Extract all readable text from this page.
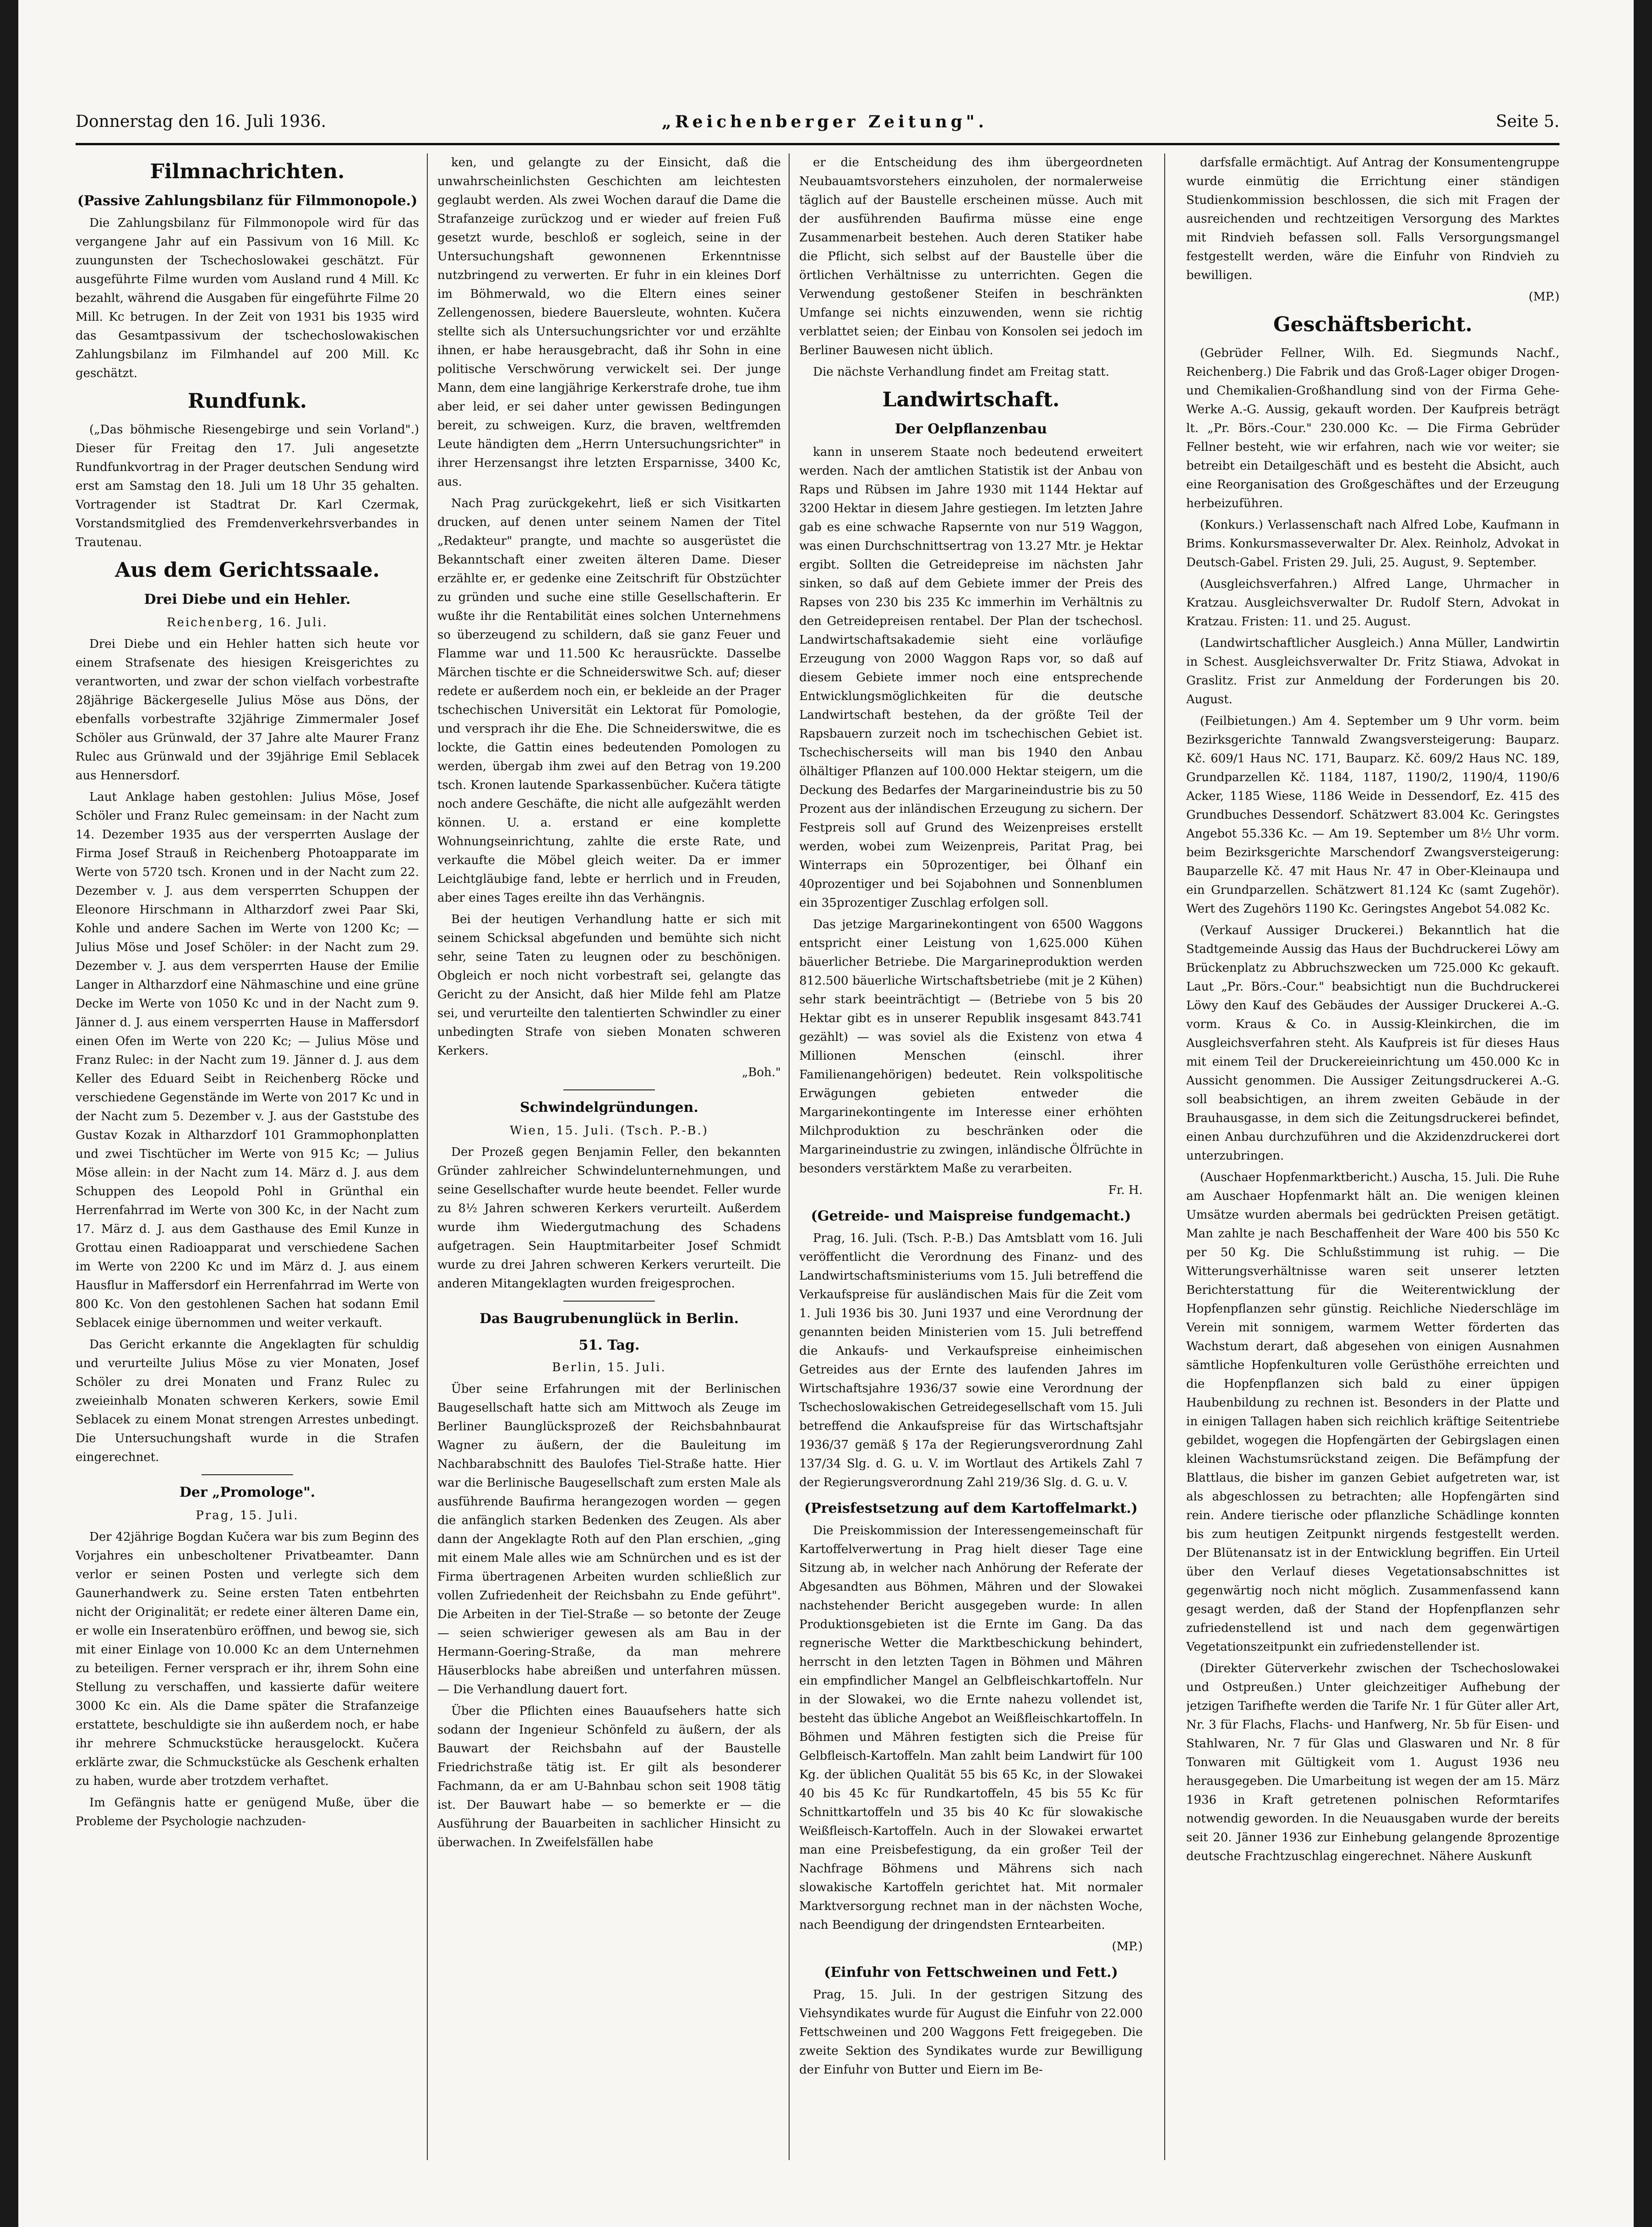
Donnerstag den 16. Juli 1936.	„Reichenberger Zeitung".	Seite 5.
Filmnachrichten.
(Passive Zahlungsbilanz für Filmmonopole.)

Die Zahlungsbilanz für Filmmonopole wird für das vergangene Jahr auf ein Passivum von 16 Mill. Kc zuungunsten der Tschechoslowakei geschätzt. Für ausgeführte Filme wurden vom Ausland rund 4 Mill. Kc bezahlt, während die Ausgaben für eingeführte Filme 20 Mill. Kc betrugen. In der Zeit von 1931 bis 1935 wird das Gesamtpassivum der tschechoslowakischen Zahlungsbilanz im Filmhandel auf 200 Mill. Kc geschätzt.

Rundfunk.

(„Das böhmische Riesengebirge und sein Vorland".) Dieser für Freitag den 17. Juli angesetzte Rundfunkvortrag in der Prager deutschen Sendung wird erst am Samstag den 18. Juli um 18 Uhr 35 gehalten. Vortragender ist Stadtrat Dr. Karl Czermak, Vorstandsmitglied des Fremdenverkehrsverbandes in Trautenau.

Aus dem Gerichtssaale.
Drei Diebe und ein Hehler.

Reichenberg, 16. Juli.

Drei Diebe und ein Hehler hatten sich heute vor einem Strafsenate des hiesigen Kreisgerichtes zu verantworten, und zwar der schon vielfach vorbestrafte 28jährige Bäckergeselle Julius Möse aus Döns, der ebenfalls vorbestrafte 32jährige Zimmermaler Josef Schöler aus Grünwald, der 37 Jahre alte Maurer Franz Rulec aus Grünwald und der 39jährige Emil Seblacek aus Hennersdorf.

Laut Anklage haben gestohlen: Julius Möse, Josef Schöler und Franz Rulec gemeinsam: in der Nacht zum 14. Dezember 1935 aus der versperrten Auslage der Firma Josef Strauß in Reichenberg Photoapparate im Werte von 5720 tsch. Kronen und in der Nacht zum 22. Dezember v. J. aus dem versperrten Schuppen der Eleonore Hirschmann in Altharzdorf zwei Paar Ski, Kohle und andere Sachen im Werte von 1200 Kc; — Julius Möse und Josef Schöler: in der Nacht zum 29. Dezember v. J. aus dem versperrten Hause der Emilie Langer in Altharzdorf eine Nähmaschine und eine grüne Decke im Werte von 1050 Kc und in der Nacht zum 9. Jänner d. J. aus einem versperrten Hause in Maffersdorf einen Ofen im Werte von 220 Kc; — Julius Möse und Franz Rulec: in der Nacht zum 19. Jänner d. J. aus dem Keller des Eduard Seibt in Reichenberg Röcke und verschiedene Gegenstände im Werte von 2017 Kc und in der Nacht zum 5. Dezember v. J. aus der Gaststube des Gustav Kozak in Altharzdorf 101 Grammophonplatten und zwei Tischtücher im Werte von 915 Kc; — Julius Möse allein: in der Nacht zum 14. März d. J. aus dem Schuppen des Leopold Pohl in Grünthal ein Herrenfahrrad im Werte von 300 Kc, in der Nacht zum 17. März d. J. aus dem Gasthause des Emil Kunze in Grottau einen Radioapparat und verschiedene Sachen im Werte von 2200 Kc und im März d. J. aus einem Hausflur in Maffersdorf ein Herrenfahrrad im Werte von 800 Kc. Von den gestohlenen Sachen hat sodann Emil Seblacek einige übernommen und weiter verkauft.

Das Gericht erkannte die Angeklagten für schuldig und verurteilte Julius Möse zu vier Monaten, Josef Schöler zu drei Monaten und Franz Rulec zu zweieinhalb Monaten schweren Kerkers, sowie Emil Seblacek zu einem Monat strengen Arrestes unbedingt. Die Untersuchungshaft wurde in die Strafen eingerechnet.

Der „Promologe".

Prag, 15. Juli.

Der 42jährige Bogdan Kučera war bis zum Beginn des Vorjahres ein unbescholtener Privatbeamter. Dann verlor er seinen Posten und verlegte sich dem Gaunerhandwerk zu. Seine ersten Taten entbehrten nicht der Originalität; er redete einer älteren Dame ein, er wolle ein Inseratenbüro eröffnen, und bewog sie, sich mit einer Einlage von 10.000 Kc an dem Unternehmen zu beteiligen. Ferner versprach er ihr, ihrem Sohn eine Stellung zu verschaffen, und kassierte dafür weitere 3000 Kc ein. Als die Dame später die Strafanzeige erstattete, beschuldigte sie ihn außerdem noch, er habe ihr mehrere Schmuckstücke herausgelockt. Kučera erklärte zwar, die Schmuckstücke als Geschenk erhalten zu haben, wurde aber trotzdem verhaftet.

Im Gefängnis hatte er genügend Muße, über die Probleme der Psychologie nachzuden-

ken, und gelangte zu der Einsicht, daß die unwahrscheinlichsten Geschichten am leichtesten geglaubt werden. Als zwei Wochen darauf die Dame die Strafanzeige zurückzog und er wieder auf freien Fuß gesetzt wurde, beschloß er sogleich, seine in der Untersuchungshaft gewonnenen Erkenntnisse nutzbringend zu verwerten. Er fuhr in ein kleines Dorf im Böhmerwald, wo die Eltern eines seiner Zellengenossen, biedere Bauersleute, wohnten. Kučera stellte sich als Untersuchungsrichter vor und erzählte ihnen, er habe herausgebracht, daß ihr Sohn in eine politische Verschwörung verwickelt sei. Der junge Mann, dem eine langjährige Kerkerstrafe drohe, tue ihm aber leid, er sei daher unter gewissen Bedingungen bereit, zu schweigen. Kurz, die braven, weltfremden Leute händigten dem „Herrn Untersuchungsrichter" in ihrer Herzensangst ihre letzten Ersparnisse, 3400 Kc, aus.

Nach Prag zurückgekehrt, ließ er sich Visitkarten drucken, auf denen unter seinem Namen der Titel „Redakteur" prangte, und machte so ausgerüstet die Bekanntschaft einer zweiten älteren Dame. Dieser erzählte er, er gedenke eine Zeitschrift für Obstzüchter zu gründen und suche eine stille Gesellschafterin. Er wußte ihr die Rentabilität eines solchen Unternehmens so überzeugend zu schildern, daß sie ganz Feuer und Flamme war und 11.500 Kc herausrückte. Dasselbe Märchen tischte er die Schneiderswitwe Sch. auf; dieser redete er außerdem noch ein, er bekleide an der Prager tschechischen Universität ein Lektorat für Pomologie, und versprach ihr die Ehe. Die Schneiderswitwe, die es lockte, die Gattin eines bedeutenden Pomologen zu werden, übergab ihm zwei auf den Betrag von 19.200 tsch. Kronen lautende Sparkassenbücher. Kučera tätigte noch andere Geschäfte, die nicht alle aufgezählt werden können. U. a. erstand er eine komplette Wohnungseinrichtung, zahlte die erste Rate, und verkaufte die Möbel gleich weiter. Da er immer Leichtgläubige fand, lebte er herrlich und in Freuden, aber eines Tages ereilte ihn das Verhängnis.

Bei der heutigen Verhandlung hatte er sich mit seinem Schicksal abgefunden und bemühte sich nicht sehr, seine Taten zu leugnen oder zu beschönigen. Obgleich er noch nicht vorbestraft sei, gelangte das Gericht zu der Ansicht, daß hier Milde fehl am Platze sei, und verurteilte den talentierten Schwindler zu einer unbedingten Strafe von sieben Monaten schweren Kerkers.

„Boh."

Schwindelgründungen.

Wien, 15. Juli. (Tsch. P.-B.)

Der Prozeß gegen Benjamin Feller, den bekannten Gründer zahlreicher Schwindelunternehmungen, und seine Gesellschafter wurde heute beendet. Feller wurde zu 8½ Jahren schweren Kerkers verurteilt. Außerdem wurde ihm Wiedergutmachung des Schadens aufgetragen. Sein Hauptmitarbeiter Josef Schmidt wurde zu drei Jahren schweren Kerkers verurteilt. Die anderen Mitangeklagten wurden freigesprochen.

Das Baugrubenunglück in Berlin.
51. Tag.

Berlin, 15. Juli.

Über seine Erfahrungen mit der Berlinischen Baugesellschaft hatte sich am Mittwoch als Zeuge im Berliner Baunglücksprozeß der Reichsbahnbaurat Wagner zu äußern, der die Bauleitung im Nachbarabschnitt des Baulofes Tiel-Straße hatte. Hier war die Berlinische Baugesellschaft zum ersten Male als ausführende Baufirma herangezogen worden — gegen die anfänglich starken Bedenken des Zeugen. Als aber dann der Angeklagte Roth auf den Plan erschien, „ging mit einem Male alles wie am Schnürchen und es ist der Firma übertragenen Arbeiten wurden schließlich zur vollen Zufriedenheit der Reichsbahn zu Ende geführt". Die Arbeiten in der Tiel-Straße — so betonte der Zeuge — seien schwieriger gewesen als am Bau in der Hermann-Goering-Straße, da man mehrere Häuserblocks habe abreißen und unterfahren müssen. — Die Verhandlung dauert fort.

Über die Pflichten eines Bauaufsehers hatte sich sodann der Ingenieur Schönfeld zu äußern, der als Bauwart der Reichsbahn auf der Baustelle Friedrichstraße tätig ist. Er gilt als besonderer Fachmann, da er am U-Bahnbau schon seit 1908 tätig ist. Der Bauwart habe — so bemerkte er — die Ausführung der Bauarbeiten in sachlicher Hinsicht zu überwachen. In Zweifelsfällen habe

er die Entscheidung des ihm übergeordneten Neubauamtsvorstehers einzuholen, der normalerweise täglich auf der Baustelle erscheinen müsse. Auch mit der ausführenden Baufirma müsse eine enge Zusammenarbeit bestehen. Auch deren Statiker habe die Pflicht, sich selbst auf der Baustelle über die örtlichen Verhältnisse zu unterrichten. Gegen die Verwendung gestoßener Steifen in beschränkten Umfange sei nichts einzuwenden, wenn sie richtig verblattet seien; der Einbau von Konsolen sei jedoch im Berliner Bauwesen nicht üblich.

Die nächste Verhandlung findet am Freitag statt.

Landwirtschaft.
Der Oelpflanzenbau

kann in unserem Staate noch bedeutend erweitert werden. Nach der amtlichen Statistik ist der Anbau von Raps und Rübsen im Jahre 1930 mit 1144 Hektar auf 3200 Hektar in diesem Jahre gestiegen. Im letzten Jahre gab es eine schwache Rapsernte von nur 519 Waggon, was einen Durchschnittsertrag von 13.27 Mtr. je Hektar ergibt. Sollten die Getreidepreise im nächsten Jahr sinken, so daß auf dem Gebiete immer der Preis des Rapses von 230 bis 235 Kc immerhin im Verhältnis zu den Getreidepreisen rentabel. Der Plan der tschechosl. Landwirtschaftsakademie sieht eine vorläufige Erzeugung von 2000 Waggon Raps vor, so daß auf diesem Gebiete immer noch eine entsprechende Entwicklungsmöglichkeiten für die deutsche Landwirtschaft bestehen, da der größte Teil der Rapsbauern zurzeit noch im tschechischen Gebiet ist. Tschechischerseits will man bis 1940 den Anbau ölhältiger Pflanzen auf 100.000 Hektar steigern, um die Deckung des Bedarfes der Margarineindustrie bis zu 50 Prozent aus der inländischen Erzeugung zu sichern. Der Festpreis soll auf Grund des Weizenpreises erstellt werden, wobei zum Weizenpreis, Paritat Prag, bei Winterraps ein 50prozentiger, bei Ölhanf ein 40prozentiger und bei Sojabohnen und Sonnenblumen ein 35prozentiger Zuschlag erfolgen soll.

Das jetzige Margarinekontingent von 6500 Waggons entspricht einer Leistung von 1,625.000 Kühen bäuerlicher Betriebe. Die Margarineproduktion werden 812.500 bäuerliche Wirtschaftsbetriebe (mit je 2 Kühen) sehr stark beeinträchtigt — (Betriebe von 5 bis 20 Hektar gibt es in unserer Republik insgesamt 843.741 gezählt) — was soviel als die Existenz von etwa 4 Millionen Menschen (einschl. ihrer Familienangehörigen) bedeutet. Rein volkspolitische Erwägungen gebieten entweder die Margarinekontingente im Interesse einer erhöhten Milchproduktion zu beschränken oder die Margarineindustrie zu zwingen, inländische Ölfrüchte in besonders verstärktem Maße zu verarbeiten.

Fr. H.

(Getreide- und Maispreise fundgemacht.)

Prag, 16. Juli. (Tsch. P.-B.) Das Amtsblatt vom 16. Juli veröffentlicht die Verordnung des Finanz- und des Landwirtschaftsministeriums vom 15. Juli betreffend die Verkaufspreise für ausländischen Mais für die Zeit vom 1. Juli 1936 bis 30. Juni 1937 und eine Verordnung der genannten beiden Ministerien vom 15. Juli betreffend die Ankaufs- und Verkaufspreise einheimischen Getreides aus der Ernte des laufenden Jahres im Wirtschaftsjahre 1936/37 sowie eine Verordnung der Tschechoslowakischen Getreidegesellschaft vom 15. Juli betreffend die Ankaufspreise für das Wirtschaftsjahr 1936/37 gemäß § 17a der Regierungsverordnung Zahl 137/34 Slg. d. G. u. V. im Wortlaut des Artikels Zahl 7 der Regierungsverordnung Zahl 219/36 Slg. d. G. u. V.

(Preisfestsetzung auf dem Kartoffelmarkt.)

Die Preiskommission der Interessengemeinschaft für Kartoffelverwertung in Prag hielt dieser Tage eine Sitzung ab, in welcher nach Anhörung der Referate der Abgesandten aus Böhmen, Mähren und der Slowakei nachstehender Bericht ausgegeben wurde: In allen Produktionsgebieten ist die Ernte im Gang. Da das regnerische Wetter die Marktbeschickung behindert, herrscht in den letzten Tagen in Böhmen und Mähren ein empfindlicher Mangel an Gelbfleischkartoffeln. Nur in der Slowakei, wo die Ernte nahezu vollendet ist, besteht das übliche Angebot an Weißfleischkartoffeln. In Böhmen und Mähren festigten sich die Preise für Gelbfleisch-Kartoffeln. Man zahlt beim Landwirt für 100 Kg. der üblichen Qualität 55 bis 65 Kc, in der Slowakei 40 bis 45 Kc für Rundkartoffeln, 45 bis 55 Kc für Schnittkartoffeln und 35 bis 40 Kc für slowakische Weißfleisch-Kartoffeln. Auch in der Slowakei erwartet man eine Preisbefestigung, da ein großer Teil der Nachfrage Böhmens und Mährens sich nach slowakische Kartoffeln gerichtet hat. Mit normaler Marktversorgung rechnet man in der nächsten Woche, nach Beendigung der dringendsten Erntearbeiten.

(MP.)

(Einfuhr von Fettschweinen und Fett.)

Prag, 15. Juli. In der gestrigen Sitzung des Viehsyndikates wurde für August die Einfuhr von 22.000 Fettschweinen und 200 Waggons Fett freigegeben. Die zweite Sektion des Syndikates wurde zur Bewilligung der Einfuhr von Butter und Eiern im Be-

darfsfalle ermächtigt. Auf Antrag der Konsumentengruppe wurde einmütig die Errichtung einer ständigen Studienkommission beschlossen, die sich mit Fragen der ausreichenden und rechtzeitigen Versorgung des Marktes mit Rindvieh befassen soll. Falls Versorgungsmangel festgestellt werden, wäre die Einfuhr von Rindvieh zu bewilligen.

(MP.)

Geschäftsbericht.

(Gebrüder Fellner, Wilh. Ed. Siegmunds Nachf., Reichenberg.) Die Fabrik und das Groß-Lager obiger Drogen- und Chemikalien-Großhandlung sind von der Firma Gehe-Werke A.-G. Aussig, gekauft worden. Der Kaufpreis beträgt lt. „Pr. Börs.-Cour." 230.000 Kc. — Die Firma Gebrüder Fellner besteht, wie wir erfahren, nach wie vor weiter; sie betreibt ein Detailgeschäft und es besteht die Absicht, auch eine Reorganisation des Großgeschäftes und der Erzeugung herbeizuführen.

(Konkurs.) Verlassenschaft nach Alfred Lobe, Kaufmann in Brims. Konkursmasseverwalter Dr. Alex. Reinholz, Advokat in Deutsch-Gabel. Fristen 29. Juli, 25. August, 9. September.

(Ausgleichsverfahren.) Alfred Lange, Uhrmacher in Kratzau. Ausgleichsverwalter Dr. Rudolf Stern, Advokat in Kratzau. Fristen: 11. und 25. August.

(Landwirtschaftlicher Ausgleich.) Anna Müller, Landwirtin in Schest. Ausgleichsverwalter Dr. Fritz Stiawa, Advokat in Graslitz. Frist zur Anmeldung der Forderungen bis 20. August.

(Feilbietungen.) Am 4. September um 9 Uhr vorm. beim Bezirksgerichte Tannwald Zwangsversteigerung: Bauparz. Kč. 609/1 Haus NC. 171, Bauparz. Kč. 609/2 Haus NC. 189, Grundparzellen Kč. 1184, 1187, 1190/2, 1190/4, 1190/6 Acker, 1185 Wiese, 1186 Weide in Dessendorf, Ez. 415 des Grundbuches Dessendorf. Schätzwert 83.004 Kc. Geringstes Angebot 55.336 Kc. — Am 19. September um 8½ Uhr vorm. beim Bezirksgerichte Marschendorf Zwangsversteigerung: Bauparzelle Kč. 47 mit Haus Nr. 47 in Ober-Kleinaupa und ein Grundparzellen. Schätzwert 81.124 Kc (samt Zugehör). Wert des Zugehörs 1190 Kc. Geringstes Angebot 54.082 Kc.

(Verkauf Aussiger Druckerei.) Bekanntlich hat die Stadtgemeinde Aussig das Haus der Buchdruckerei Löwy am Brückenplatz zu Abbruchszwecken um 725.000 Kc gekauft. Laut „Pr. Börs.-Cour." beabsichtigt nun die Buchdruckerei Löwy den Kauf des Gebäudes der Aussiger Druckerei A.-G. vorm. Kraus & Co. in Aussig-Kleinkirchen, die im Ausgleichsverfahren steht. Als Kaufpreis ist für dieses Haus mit einem Teil der Druckereieinrichtung um 450.000 Kc in Aussicht genommen. Die Aussiger Zeitungsdruckerei A.-G. soll beabsichtigen, an ihrem zweiten Gebäude in der Brauhausgasse, in dem sich die Zeitungsdruckerei befindet, einen Anbau durchzuführen und die Akzidenzdruckerei dort unterzubringen.

(Auschaer Hopfenmarktbericht.) Auscha, 15. Juli. Die Ruhe am Auschaer Hopfenmarkt hält an. Die wenigen kleinen Umsätze wurden abermals bei gedrückten Preisen getätigt. Man zahlte je nach Beschaffenheit der Ware 400 bis 550 Kc per 50 Kg. Die Schlußstimmung ist ruhig. — Die Witterungsverhältnisse waren seit unserer letzten Berichterstattung für die Weiterentwicklung der Hopfenpflanzen sehr günstig. Reichliche Niederschläge im Verein mit sonnigem, warmem Wetter förderten das Wachstum derart, daß abgesehen von einigen Ausnahmen sämtliche Hopfenkulturen volle Gerüsthöhe erreichten und die Hopfenpflanzen sich bald zu einer üppigen Haubenbildung zu rechnen ist. Besonders in der Platte und in einigen Tallagen haben sich reichlich kräftige Seitentriebe gebildet, wogegen die Hopfengärten der Gebirgslagen einen kleinen Wachstumsrückstand zeigen. Die Befämpfung der Blattlaus, die bisher im ganzen Gebiet aufgetreten war, ist als abgeschlossen zu betrachten; alle Hopfengärten sind rein. Andere tierische oder pflanzliche Schädlinge konnten bis zum heutigen Zeitpunkt nirgends festgestellt werden. Der Blütenansatz ist in der Entwicklung begriffen. Ein Urteil über den Verlauf dieses Vegetationsabschnittes ist gegenwärtig noch nicht möglich. Zusammenfassend kann gesagt werden, daß der Stand der Hopfenpflanzen sehr zufriedenstellend ist und nach dem gegenwärtigen Vegetationszeitpunkt ein zufriedenstellender ist.

(Direkter Güterverkehr zwischen der Tschechoslowakei und Ostpreußen.) Unter gleichzeitiger Aufhebung der jetzigen Tarifhefte werden die Tarife Nr. 1 für Güter aller Art, Nr. 3 für Flachs, Flachs- und Hanfwerg, Nr. 5b für Eisen- und Stahlwaren, Nr. 7 für Glas und Glaswaren und Nr. 8 für Tonwaren mit Gültigkeit vom 1. August 1936 neu herausgegeben. Die Umarbeitung ist wegen der am 15. März 1936 in Kraft getretenen polnischen Reformtarifes notwendig geworden. In die Neuausgaben wurde der bereits seit 20. Jänner 1936 zur Einhebung gelangende 8prozentige deutsche Frachtzuschlag eingerechnet. Nähere Auskunft
